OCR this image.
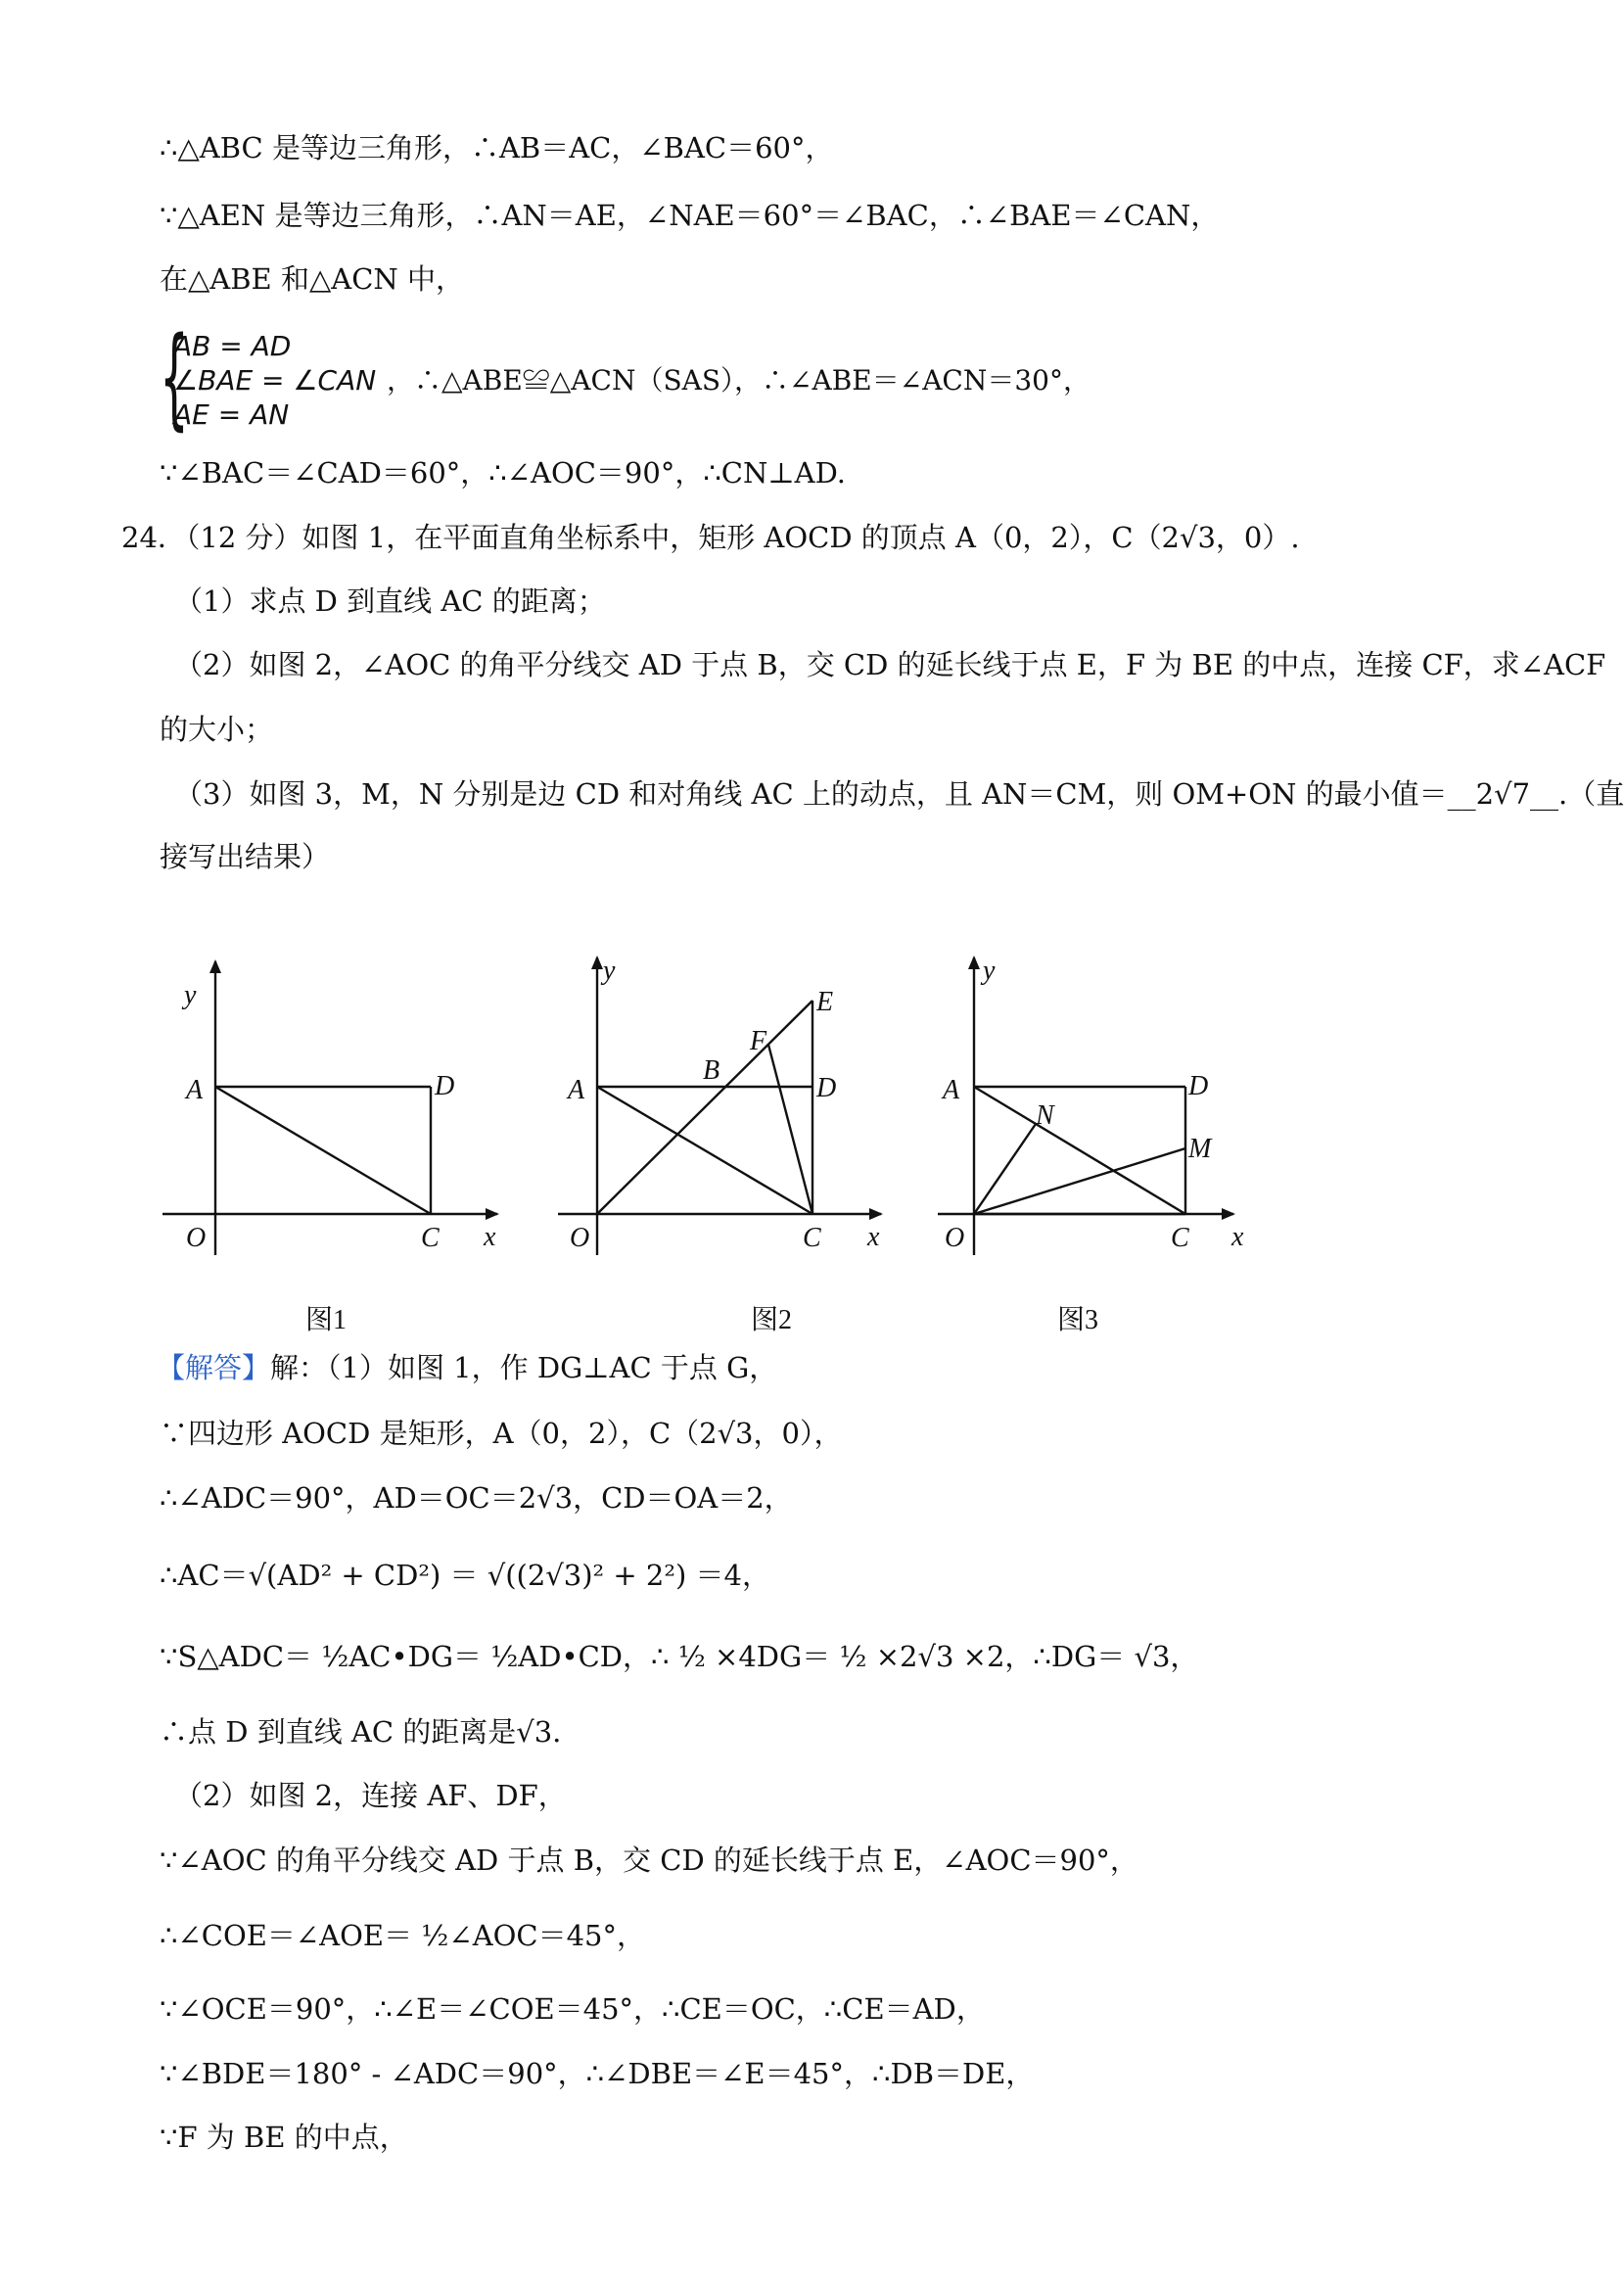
∴△ABC 是等边三角形，∴AB＝AC，∠BAC＝60°，
∵△AEN 是等边三角形，∴AN＝AE，∠NAE＝60°＝∠BAC，∴∠BAE＝∠CAN，
在△ABE 和△ACN 中，
{
AB = AD
∠BAE = ∠CAN
AE = AN
，∴△ABE≌△ACN（SAS），∴∠ABE＝∠ACN＝30°，
∵∠BAC＝∠CAD＝60°，∴∠AOC＝90°，∴CN⊥AD.
24．（12 分）如图 1，在平面直角坐标系中，矩形 AOCD 的顶点 A（0，2），C（2√3，0）.
（1）求点 D 到直线 AC 的距离；
（2）如图 2，∠AOC 的角平分线交 AD 于点 B，交 CD 的延长线于点 E，F 为 BE 的中点，连接 CF，求∠ACF
的大小；
（3）如图 3，M，N 分别是边 CD 和对角线 AC 上的动点，且 AN＝CM，则 OM+ON 的最小值＝__2√7__.（直
接写出结果）
y
x
A	D
O	C
y
x
A
B
F
E
D
O	C
y
x
A
N
D
M
O	C
图1	图2	图3
【解答】解：（1）如图 1，作 DG⊥AC 于点 G，
∵四边形 AOCD 是矩形，A（0，2），C（2√3，0），
∴∠ADC＝90°，AD＝OC＝2√3，CD＝OA＝2，
∴AC＝√(AD² + CD²) ＝ √((2√3)² + 2²) ＝4，
∵S△ADC＝ ½AC•DG＝ ½AD•CD，∴ ½ ×4DG＝ ½ ×2√3 ×2，∴DG＝ √3，
∴点 D 到直线 AC 的距离是√3.
（2）如图 2，连接 AF、DF，
∵∠AOC 的角平分线交 AD 于点 B，交 CD 的延长线于点 E，∠AOC＝90°，
∴∠COE＝∠AOE＝ ½∠AOC＝45°，
∵∠OCE＝90°，∴∠E＝∠COE＝45°，∴CE＝OC，∴CE＝AD，
∵∠BDE＝180° - ∠ADC＝90°，∴∠DBE＝∠E＝45°，∴DB＝DE，
∵F 为 BE 的中点，
